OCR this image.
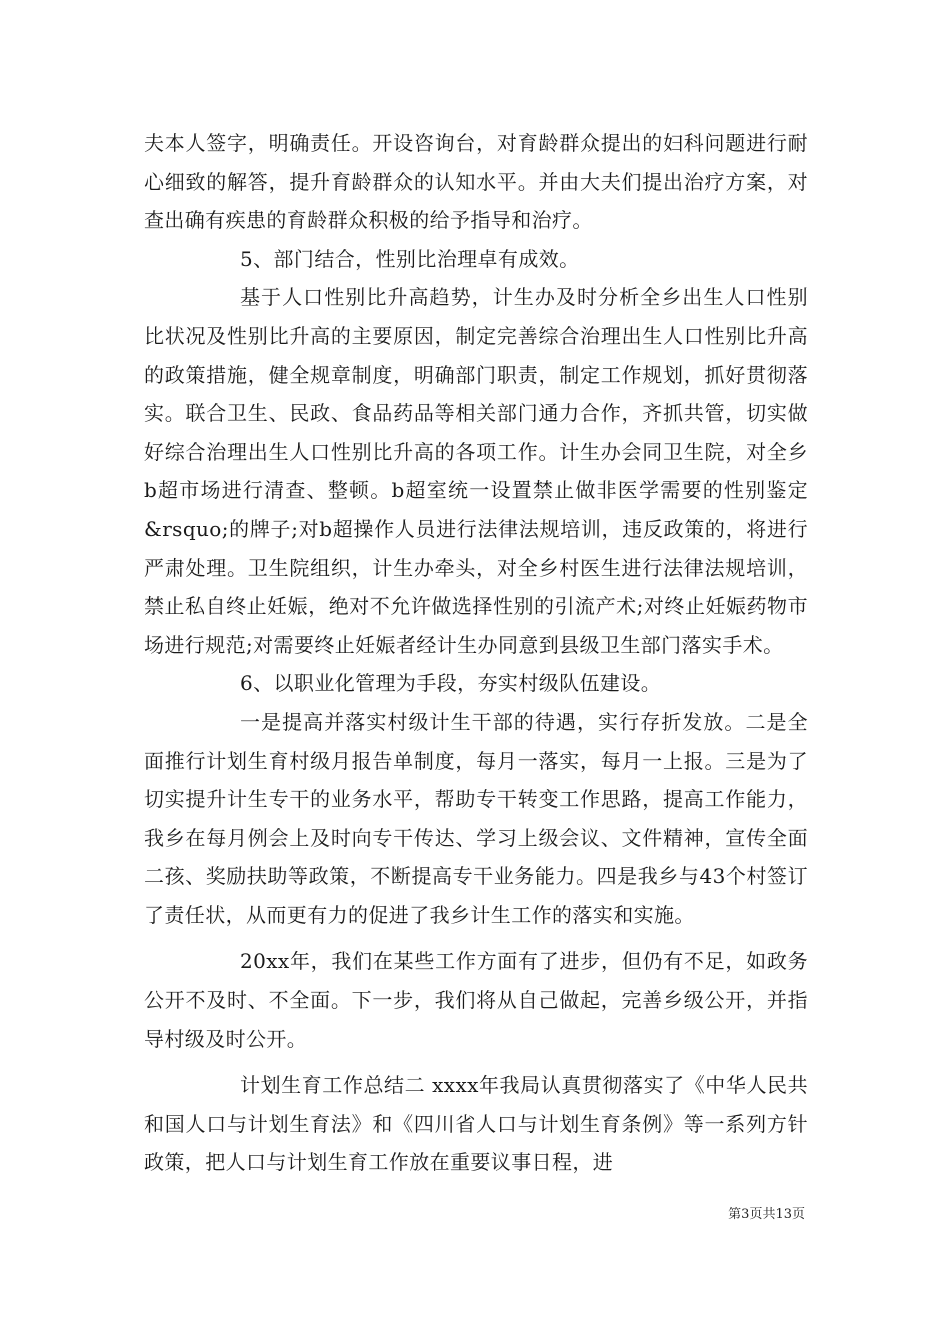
夫本人签字，明确责任。开设咨询台，对育龄群众提出的妇科问题进行耐心细致的解答，提升育龄群众的认知水平。并由大夫们提出治疗方案，对查出确有疾患的育龄群众积极的给予指导和治疗。

5、部门结合，性别比治理卓有成效。

基于人口性别比升高趋势，计生办及时分析全乡出生人口性别比状况及性别比升高的主要原因，制定完善综合治理出生人口性别比升高的政策措施，健全规章制度，明确部门职责，制定工作规划，抓好贯彻落实。联合卫生、民政、食品药品等相关部门通力合作，齐抓共管，切实做好综合治理出生人口性别比升高的各项工作。计生办会同卫生院，对全乡b超市场进行清查、整顿。b超室统一设置禁止做非医学需要的性别鉴定&rsquo;的牌子;对b超操作人员进行法律法规培训，违反政策的，将进行严肃处理。卫生院组织，计生办牵头，对全乡村医生进行法律法规培训，禁止私自终止妊娠，绝对不允许做选择性别的引流产术;对终止妊娠药物市场进行规范;对需要终止妊娠者经计生办同意到县级卫生部门落实手术。

6、以职业化管理为手段，夯实村级队伍建设。

一是提高并落实村级计生干部的待遇，实行存折发放。二是全面推行计划生育村级月报告单制度，每月一落实，每月一上报。三是为了切实提升计生专干的业务水平，帮助专干转变工作思路，提高工作能力，我乡在每月例会上及时向专干传达、学习上级会议、文件精神，宣传全面二孩、奖励扶助等政策，不断提高专干业务能力。四是我乡与43个村签订了责任状，从而更有力的促进了我乡计生工作的落实和实施。

20xx年，我们在某些工作方面有了进步，但仍有不足，如政务公开不及时、不全面。下一步，我们将从自己做起，完善乡级公开，并指导村级及时公开。

计划生育工作总结二 xxxx年我局认真贯彻落实了《中华人民共和国人口与计划生育法》和《四川省人口与计划生育条例》等一系列方针政策，把人口与计划生育工作放在重要议事日程，进

第3页共13页
